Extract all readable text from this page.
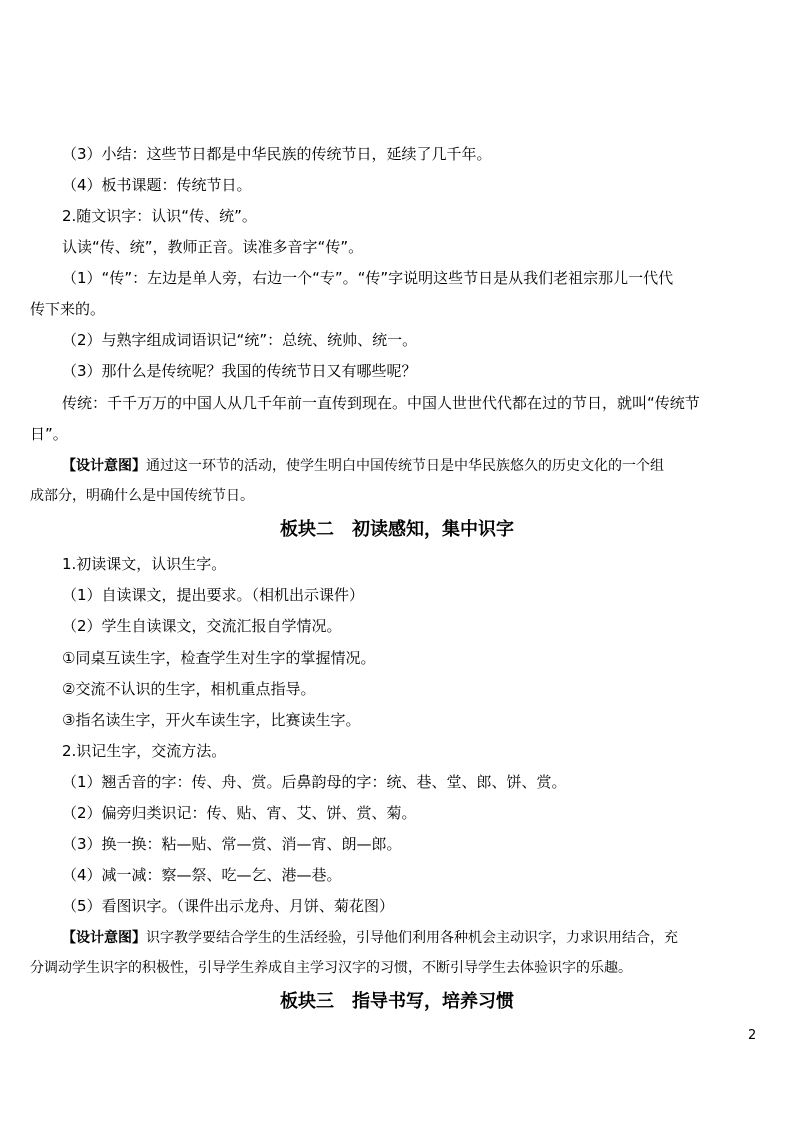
（3）小结：这些节日都是中华民族的传统节日，延续了几千年。
（4）板书课题：传统节日。
2.随文识字：认识“传、统”。
认读“传、统”，教师正音。读准多音字“传”。
（1）“传”：左边是单人旁，右边一个“专”。“传”字说明这些节日是从我们老祖宗那儿一代代
传下来的。
（2）与熟字组成词语识记“统”：总统、统帅、统一。
（3）那什么是传统呢？我国的传统节日又有哪些呢？
传统：千千万万的中国人从几千年前一直传到现在。中国人世世代代都在过的节日，就叫“传统节
日”。
【设计意图】通过这一环节的活动，使学生明白中国传统节日是中华民族悠久的历史文化的一个组
成部分，明确什么是中国传统节日。
板块二　初读感知，集中识字
1.初读课文，认识生字。
（1）自读课文，提出要求。（相机出示课件）
（2）学生自读课文，交流汇报自学情况。
①同桌互读生字，检查学生对生字的掌握情况。
②交流不认识的生字，相机重点指导。
③指名读生字，开火车读生字，比赛读生字。
2.识记生字，交流方法。
（1）翘舌音的字：传、舟、赏。后鼻韵母的字：统、巷、堂、郎、饼、赏。
（2）偏旁归类识记：传、贴、宵、艾、饼、赏、菊。
（3）换一换：粘—贴、常—赏、消—宵、朗—郎。
（4）减一减：察—祭、吃—乞、港—巷。
（5）看图识字。（课件出示龙舟、月饼、菊花图）
【设计意图】识字教学要结合学生的生活经验，引导他们利用各种机会主动识字，力求识用结合，充
分调动学生识字的积极性，引导学生养成自主学习汉字的习惯，不断引导学生去体验识字的乐趣。
板块三　指导书写，培养习惯
2
